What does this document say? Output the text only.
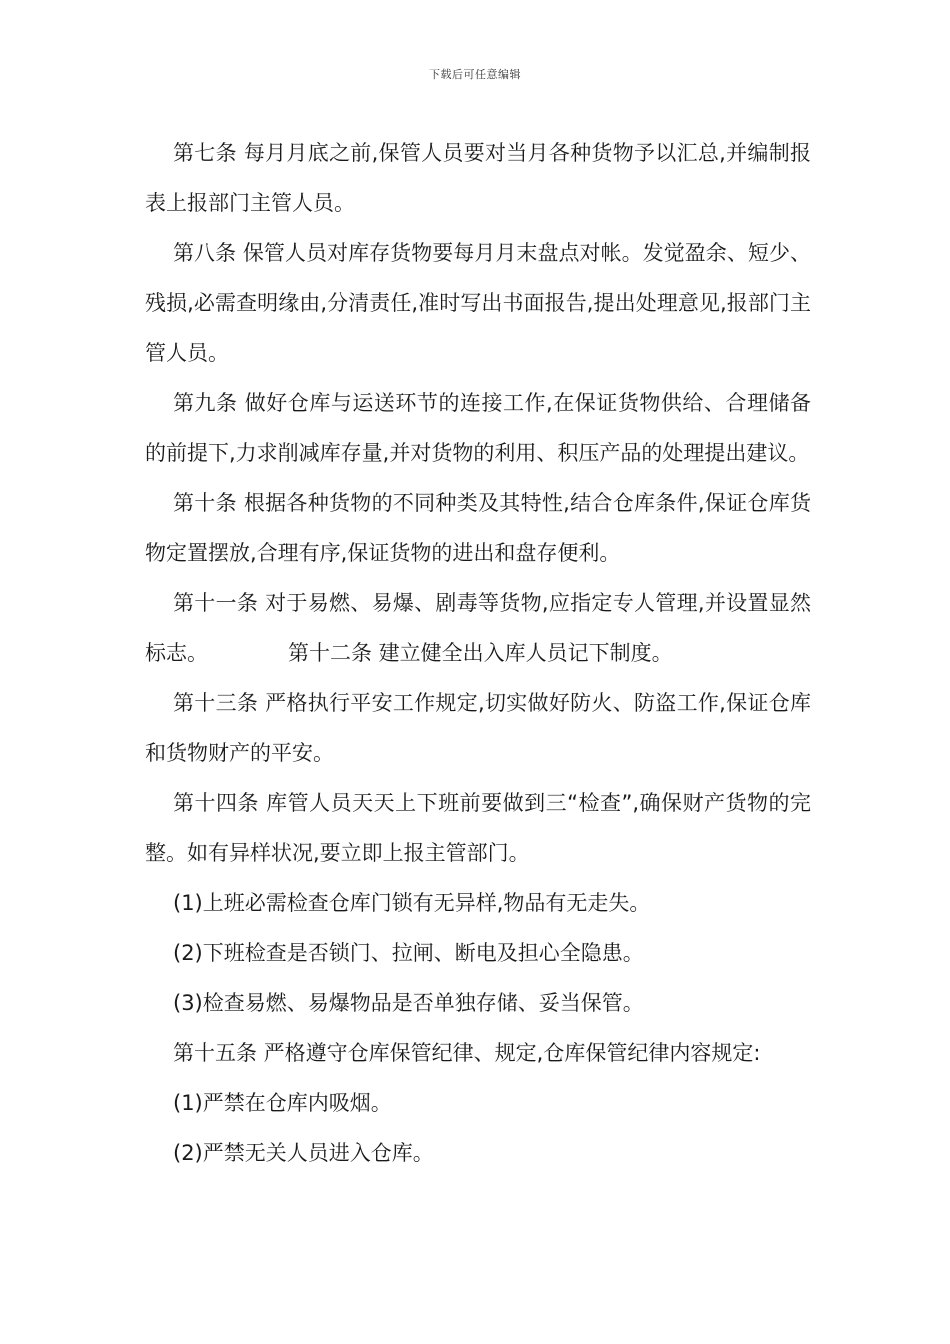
下载后可任意编辑

第七条 每月月底之前,保管人员要对当月各种货物予以汇总,并编制报表上报部门主管人员。

第八条 保管人员对库存货物要每月月末盘点对帐。发觉盈余、短少、残损,必需查明缘由,分清责任,准时写出书面报告,提出处理意见,报部门主管人员。

第九条 做好仓库与运送环节的连接工作,在保证货物供给、合理储备的前提下,力求削减库存量,并对货物的利用、积压产品的处理提出建议。

第十条 根据各种货物的不同种类及其特性,结合仓库条件,保证仓库货物定置摆放,合理有序,保证货物的进出和盘存便利。

第十一条 对于易燃、易爆、剧毒等货物,应指定专人管理,并设置显然标志。	第十二条 建立健全出入库人员记下制度。

第十三条 严格执行平安工作规定,切实做好防火、防盗工作,保证仓库和货物财产的平安。

第十四条 库管人员天天上下班前要做到三“检查”,确保财产货物的完整。如有异样状况,要立即上报主管部门。

(1)上班必需检查仓库门锁有无异样,物品有无走失。

(2)下班检查是否锁门、拉闸、断电及担心全隐患。

(3)检查易燃、易爆物品是否单独存储、妥当保管。

第十五条 严格遵守仓库保管纪律、规定,仓库保管纪律内容规定:

(1)严禁在仓库内吸烟。

(2)严禁无关人员进入仓库。
